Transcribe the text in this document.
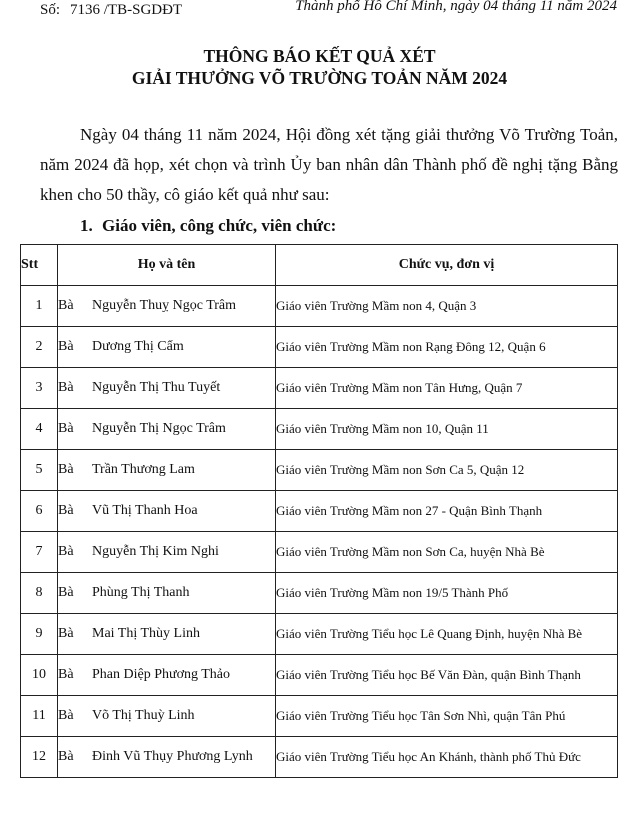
Số: 7136 /TB-SGDĐT	Thành phố Hồ Chí Minh, ngày 04 tháng 11 năm 2024
THÔNG BÁO KẾT QUẢ XÉT
GIẢI THƯỞNG VÕ TRƯỜNG TOẢN NĂM 2024
Ngày 04 tháng 11 năm 2024, Hội đồng xét tặng giải thưởng Võ Trường Toản, năm 2024 đã họp, xét chọn và trình Ủy ban nhân dân Thành phố đề nghị tặng Bằng khen cho 50 thầy, cô giáo kết quả như sau:
1. Giáo viên, công chức, viên chức:
Stt	Họ và tên	Chức vụ, đơn vị
1	Bà Nguyễn Thuỵ Ngọc Trâm	Giáo viên Trường Mầm non 4, Quận 3
2	Bà Dương Thị Cẩm	Giáo viên Trường Mầm non Rạng Đông 12, Quận 6
3	Bà Nguyễn Thị Thu Tuyết	Giáo viên Trường Mầm non Tân Hưng, Quận 7
4	Bà Nguyễn Thị Ngọc Trâm	Giáo viên Trường Mầm non 10, Quận 11
5	Bà Trần Thương Lam	Giáo viên Trường Mầm non Sơn Ca 5, Quận 12
6	Bà Vũ Thị Thanh Hoa	Giáo viên Trường Mầm non 27 - Quận Bình Thạnh
7	Bà Nguyễn Thị Kim Nghi	Giáo viên Trường Mầm non Sơn Ca, huyện Nhà Bè
8	Bà Phùng Thị Thanh	Giáo viên Trường Mầm non 19/5 Thành Phố
9	Bà Mai Thị Thùy Linh	Giáo viên Trường Tiểu học Lê Quang Định, huyện Nhà Bè
10	Bà Phan Diệp Phương Thảo	Giáo viên Trường Tiểu học Bế Văn Đàn, quận Bình Thạnh
11	Bà Võ Thị Thuỳ Linh	Giáo viên Trường Tiểu học Tân Sơn Nhì, quận Tân Phú
12	Bà Đinh Vũ Thụy Phương Lynh	Giáo viên Trường Tiểu học An Khánh, thành phố Thủ Đức
